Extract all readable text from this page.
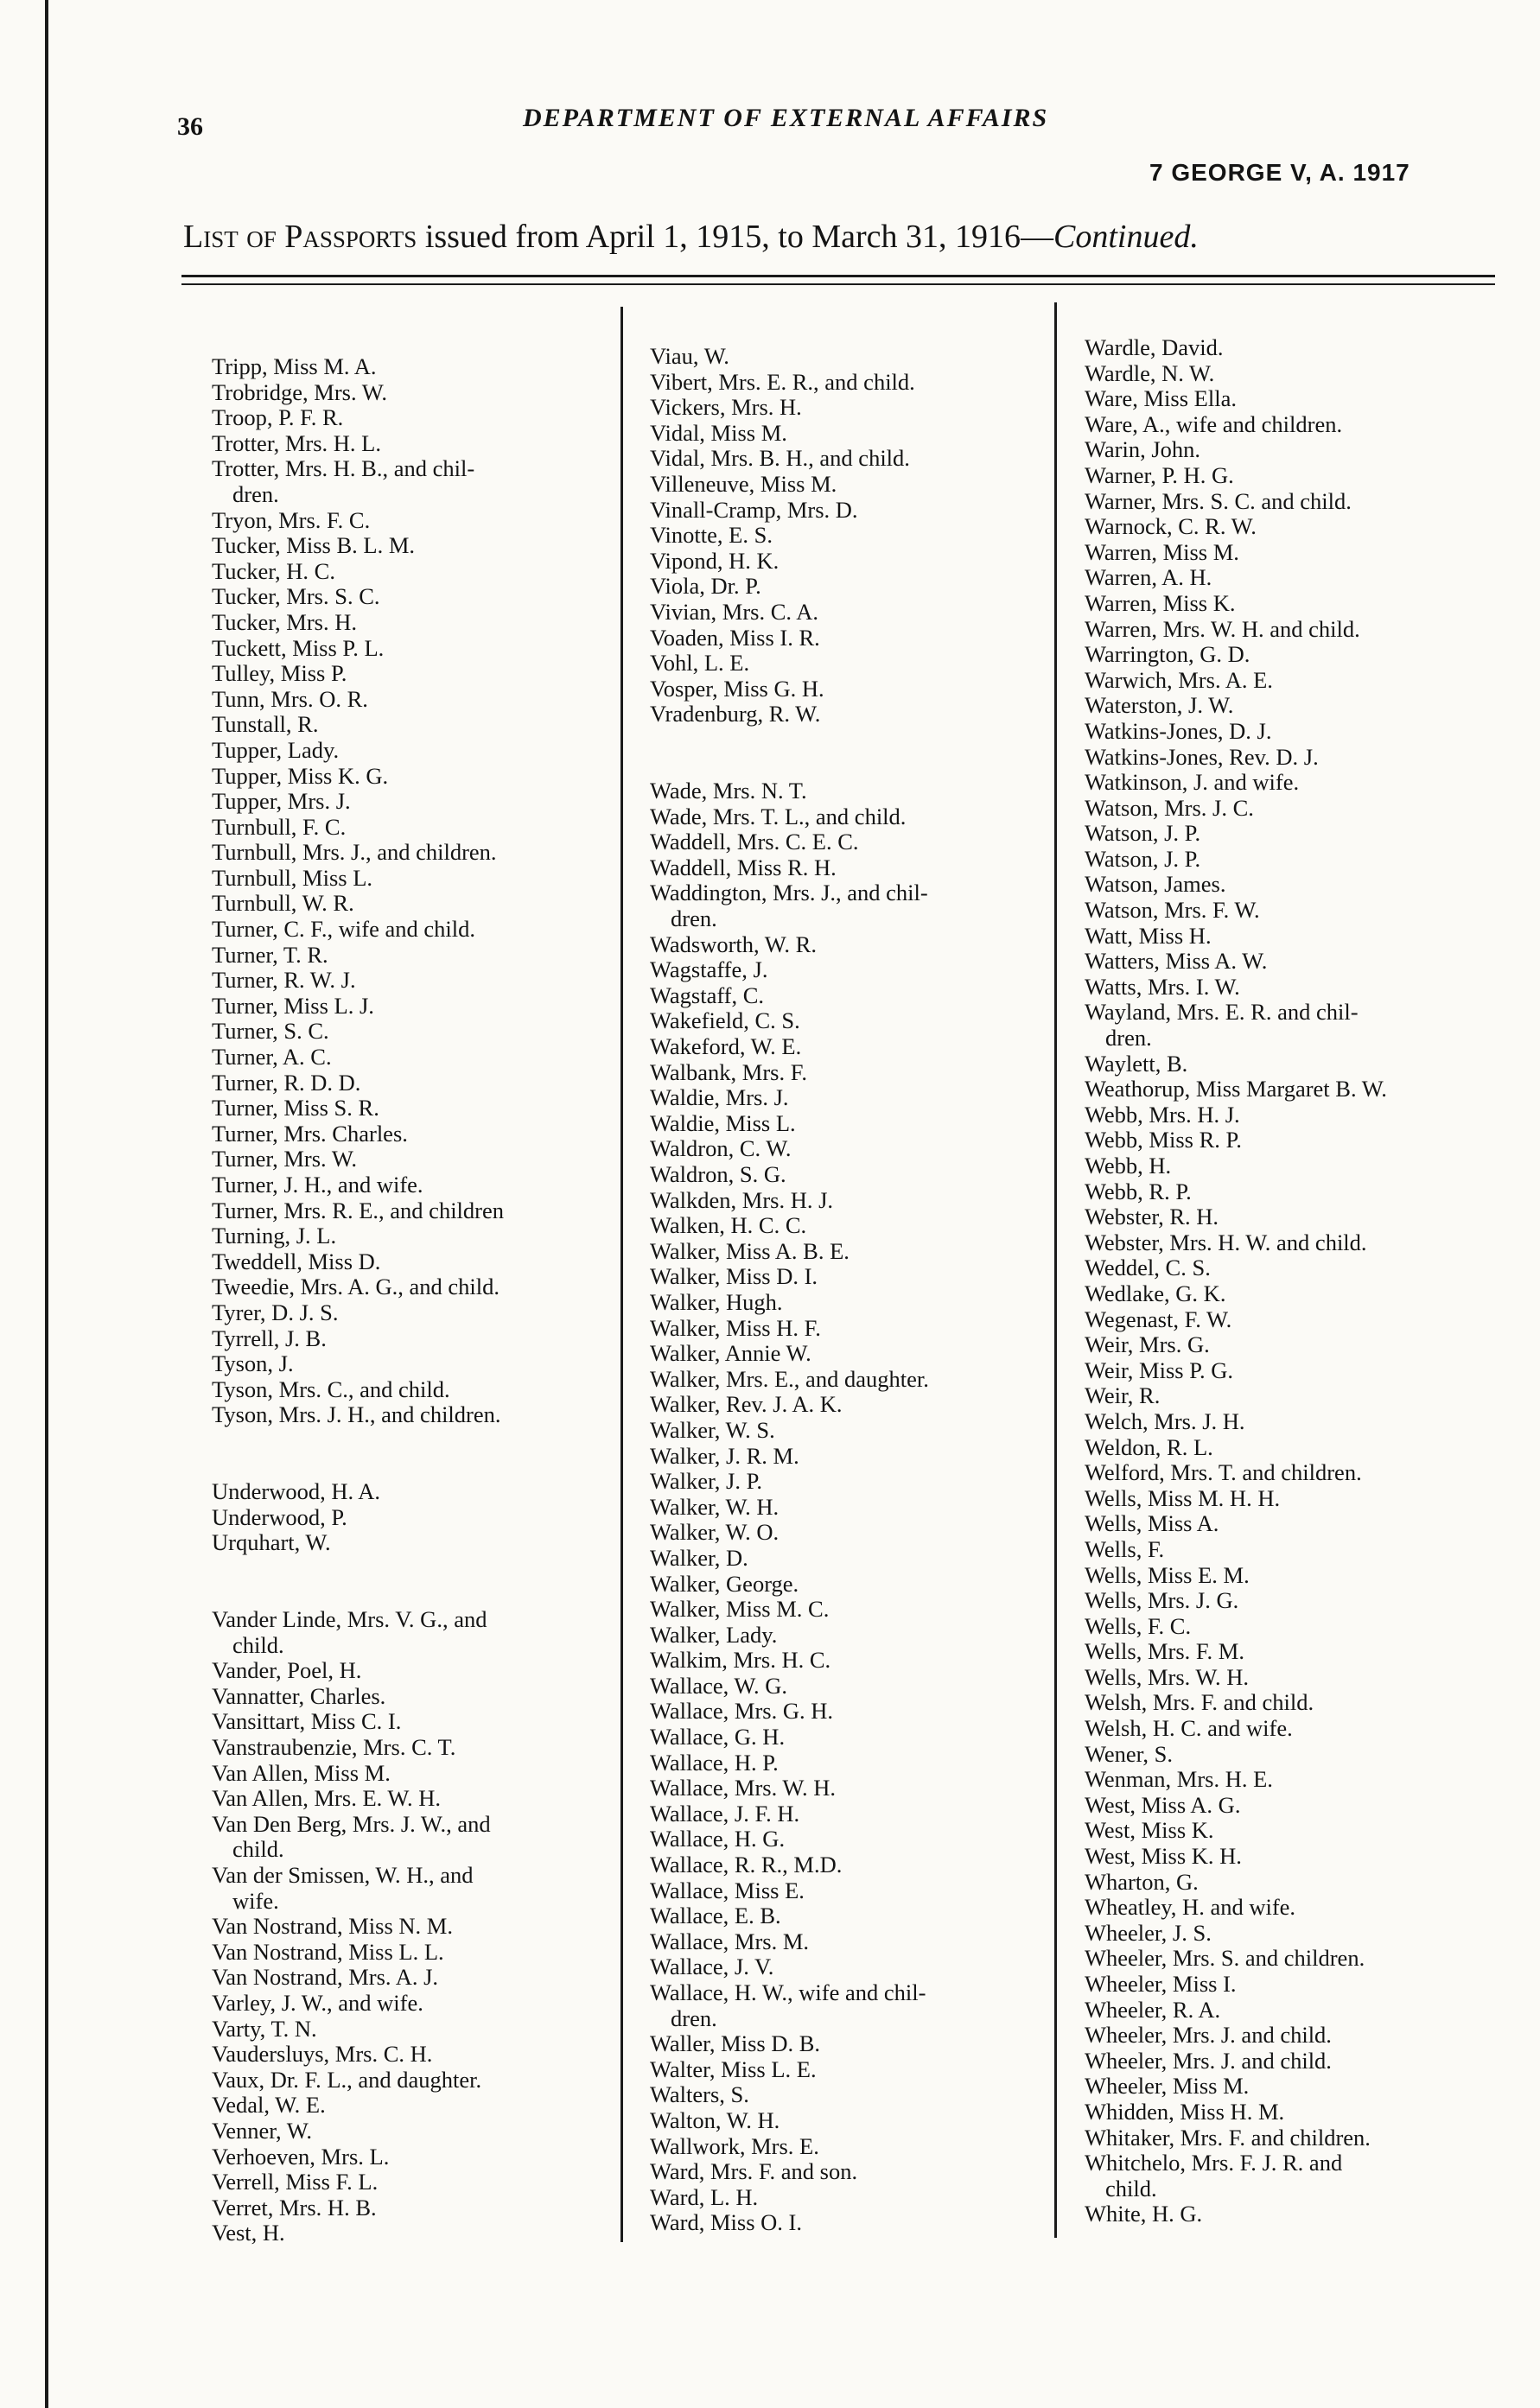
36	DEPARTMENT OF EXTERNAL AFFAIRS
7 GEORGE V, A. 1917
List of Passports issued from April 1, 1915, to March 31, 1916—Continued.
Tripp, Miss M. A.
Trobridge, Mrs. W.
Troop, P. F. R.
Trotter, Mrs. H. L.
Trotter, Mrs. H. B., and chil-
dren.
Tryon, Mrs. F. C.
Tucker, Miss B. L. M.
Tucker, H. C.
Tucker, Mrs. S. C.
Tucker, Mrs. H.
Tuckett, Miss P. L.
Tulley, Miss P.
Tunn, Mrs. O. R.
Tunstall, R.
Tupper, Lady.
Tupper, Miss K. G.
Tupper, Mrs. J.
Turnbull, F. C.
Turnbull, Mrs. J., and children.
Turnbull, Miss L.
Turnbull, W. R.
Turner, C. F., wife and child.
Turner, T. R.
Turner, R. W. J.
Turner, Miss L. J.
Turner, S. C.
Turner, A. C.
Turner, R. D. D.
Turner, Miss S. R.
Turner, Mrs. Charles.
Turner, Mrs. W.
Turner, J. H., and wife.
Turner, Mrs. R. E., and children
Turning, J. L.
Tweddell, Miss D.
Tweedie, Mrs. A. G., and child.
Tyrer, D. J. S.
Tyrrell, J. B.
Tyson, J.
Tyson, Mrs. C., and child.
Tyson, Mrs. J. H., and children.
Underwood, H. A.
Underwood, P.
Urquhart, W.
Vander Linde, Mrs. V. G., and
child.
Vander, Poel, H.
Vannatter, Charles.
Vansittart, Miss C. I.
Vanstraubenzie, Mrs. C. T.
Van Allen, Miss M.
Van Allen, Mrs. E. W. H.
Van Den Berg, Mrs. J. W., and
child.
Van der Smissen, W. H., and
wife.
Van Nostrand, Miss N. M.
Van Nostrand, Miss L. L.
Van Nostrand, Mrs. A. J.
Varley, J. W., and wife.
Varty, T. N.
Vaudersluys, Mrs. C. H.
Vaux, Dr. F. L., and daughter.
Vedal, W. E.
Venner, W.
Verhoeven, Mrs. L.
Verrell, Miss F. L.
Verret, Mrs. H. B.
Vest, H.
Viau, W.
Vibert, Mrs. E. R., and child.
Vickers, Mrs. H.
Vidal, Miss M.
Vidal, Mrs. B. H., and child.
Villeneuve, Miss M.
Vinall-Cramp, Mrs. D.
Vinotte, E. S.
Vipond, H. K.
Viola, Dr. P.
Vivian, Mrs. C. A.
Voaden, Miss I. R.
Vohl, L. E.
Vosper, Miss G. H.
Vradenburg, R. W.
Wade, Mrs. N. T.
Wade, Mrs. T. L., and child.
Waddell, Mrs. C. E. C.
Waddell, Miss R. H.
Waddington, Mrs. J., and chil-
dren.
Wadsworth, W. R.
Wagstaffe, J.
Wagstaff, C.
Wakefield, C. S.
Wakeford, W. E.
Walbank, Mrs. F.
Waldie, Mrs. J.
Waldie, Miss L.
Waldron, C. W.
Waldron, S. G.
Walkden, Mrs. H. J.
Walken, H. C. C.
Walker, Miss A. B. E.
Walker, Miss D. I.
Walker, Hugh.
Walker, Miss H. F.
Walker, Annie W.
Walker, Mrs. E., and daughter.
Walker, Rev. J. A. K.
Walker, W. S.
Walker, J. R. M.
Walker, J. P.
Walker, W. H.
Walker, W. O.
Walker, D.
Walker, George.
Walker, Miss M. C.
Walker, Lady.
Walkim, Mrs. H. C.
Wallace, W. G.
Wallace, Mrs. G. H.
Wallace, G. H.
Wallace, H. P.
Wallace, Mrs. W. H.
Wallace, J. F. H.
Wallace, H. G.
Wallace, R. R., M.D.
Wallace, Miss E.
Wallace, E. B.
Wallace, Mrs. M.
Wallace, J. V.
Wallace, H. W., wife and chil-
dren.
Waller, Miss D. B.
Walter, Miss L. E.
Walters, S.
Walton, W. H.
Wallwork, Mrs. E.
Ward, Mrs. F. and son.
Ward, L. H.
Ward, Miss O. I.
Wardle, David.
Wardle, N. W.
Ware, Miss Ella.
Ware, A., wife and children.
Warin, John.
Warner, P. H. G.
Warner, Mrs. S. C. and child.
Warnock, C. R. W.
Warren, Miss M.
Warren, A. H.
Warren, Miss K.
Warren, Mrs. W. H. and child.
Warrington, G. D.
Warwich, Mrs. A. E.
Waterston, J. W.
Watkins-Jones, D. J.
Watkins-Jones, Rev. D. J.
Watkinson, J. and wife.
Watson, Mrs. J. C.
Watson, J. P.
Watson, J. P.
Watson, James.
Watson, Mrs. F. W.
Watt, Miss H.
Watters, Miss A. W.
Watts, Mrs. I. W.
Wayland, Mrs. E. R. and chil-
dren.
Waylett, B.
Weathorup, Miss Margaret B. W.
Webb, Mrs. H. J.
Webb, Miss R. P.
Webb, H.
Webb, R. P.
Webster, R. H.
Webster, Mrs. H. W. and child.
Weddel, C. S.
Wedlake, G. K.
Wegenast, F. W.
Weir, Mrs. G.
Weir, Miss P. G.
Weir, R.
Welch, Mrs. J. H.
Weldon, R. L.
Welford, Mrs. T. and children.
Wells, Miss M. H. H.
Wells, Miss A.
Wells, F.
Wells, Miss E. M.
Wells, Mrs. J. G.
Wells, F. C.
Wells, Mrs. F. M.
Wells, Mrs. W. H.
Welsh, Mrs. F. and child.
Welsh, H. C. and wife.
Wener, S.
Wenman, Mrs. H. E.
West, Miss A. G.
West, Miss K.
West, Miss K. H.
Wharton, G.
Wheatley, H. and wife.
Wheeler, J. S.
Wheeler, Mrs. S. and children.
Wheeler, Miss I.
Wheeler, R. A.
Wheeler, Mrs. J. and child.
Wheeler, Mrs. J. and child.
Wheeler, Miss M.
Whidden, Miss H. M.
Whitaker, Mrs. F. and children.
Whitchelo, Mrs. F. J. R. and
child.
White, H. G.
